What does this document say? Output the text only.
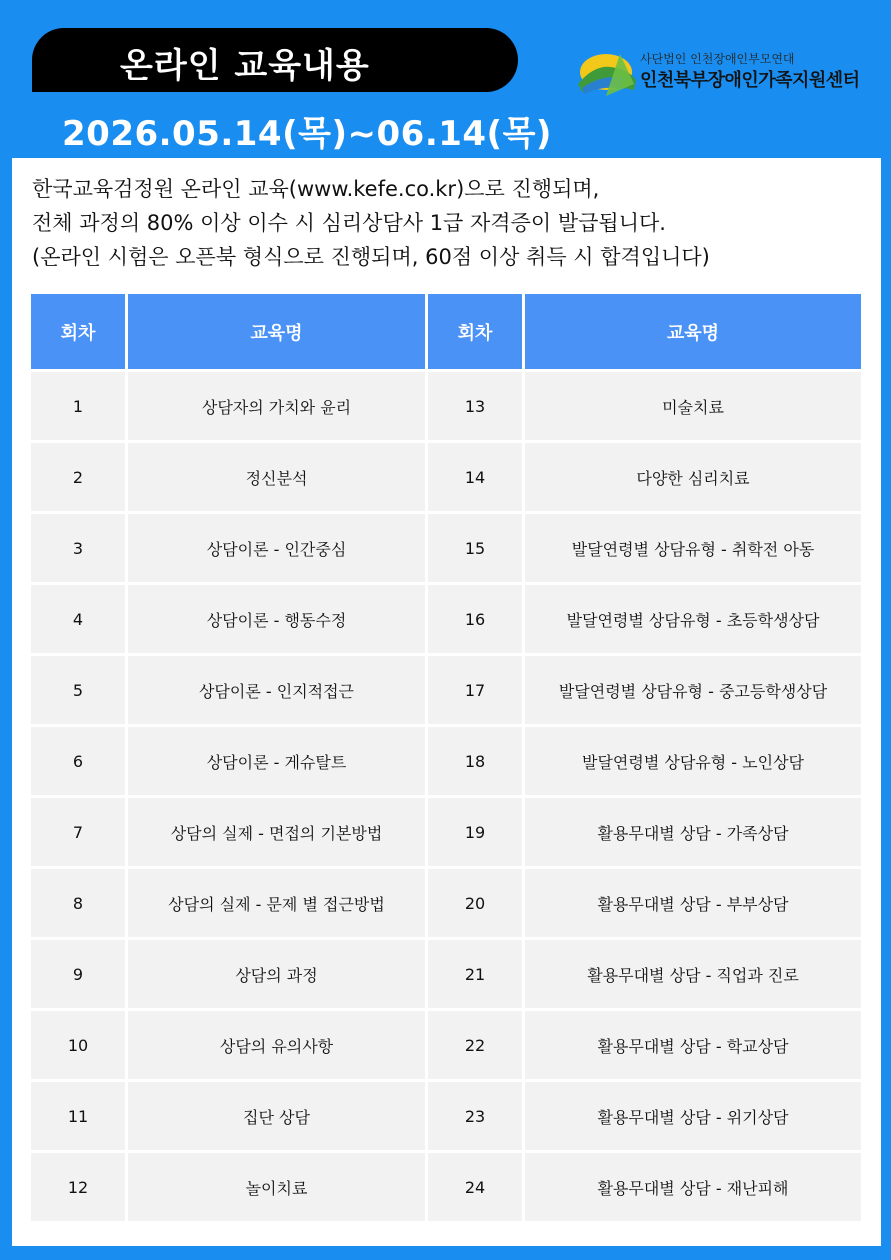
온라인 교육내용
2026.05.14(목)~06.14(목)
사단법인 인천장애인부모연대
인천북부장애인가족지원센터
한국교육검정원 온라인 교육(www.kefe.co.kr)으로 진행되며,
전체 과정의 80% 이상 이수 시 심리상담사 1급 자격증이 발급됩니다.
(온라인 시험은 오픈북 형식으로 진행되며, 60점 이상 취득 시 합격입니다)
회차	교육명	회차	교육명
1	상담자의 가치와 윤리	13	미술치료
2	정신분석	14	다양한 심리치료
3	상담이론 - 인간중심	15	발달연령별 상담유형 - 취학전 아동
4	상담이론 - 행동수정	16	발달연령별 상담유형 - 초등학생상담
5	상담이론 - 인지적접근	17	발달연령별 상담유형 - 중고등학생상담
6	상담이론 - 게슈탈트	18	발달연령별 상담유형 - 노인상담
7	상담의 실제 - 면접의 기본방법	19	활용무대별 상담 - 가족상담
8	상담의 실제 - 문제 별 접근방법	20	활용무대별 상담 - 부부상담
9	상담의 과정	21	활용무대별 상담 - 직업과 진로
10	상담의 유의사항	22	활용무대별 상담 - 학교상담
11	집단 상담	23	활용무대별 상담 - 위기상담
12	놀이치료	24	활용무대별 상담 - 재난피해
